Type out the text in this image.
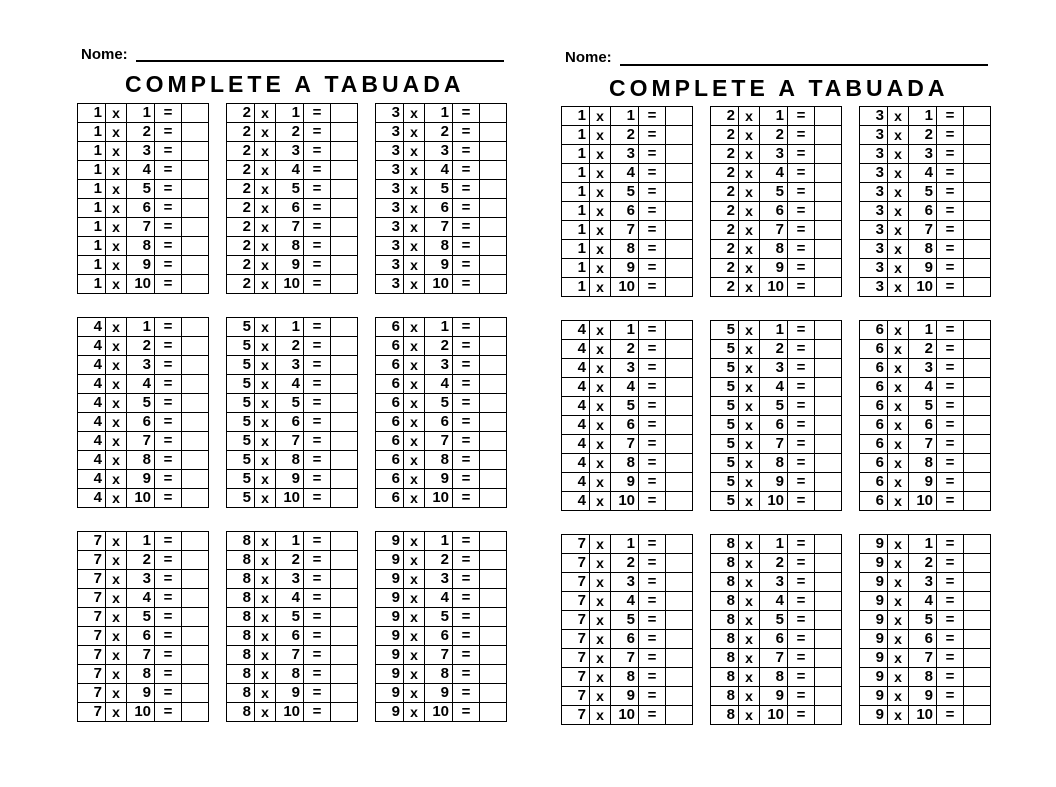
Nome:
COMPLETE A TABUADA
1	x	1	=	
1	x	2	=	
1	x	3	=	
1	x	4	=	
1	x	5	=	
1	x	6	=	
1	x	7	=	
1	x	8	=	
1	x	9	=	
1	x	10	=	
2	x	1	=	
2	x	2	=	
2	x	3	=	
2	x	4	=	
2	x	5	=	
2	x	6	=	
2	x	7	=	
2	x	8	=	
2	x	9	=	
2	x	10	=	
3	x	1	=	
3	x	2	=	
3	x	3	=	
3	x	4	=	
3	x	5	=	
3	x	6	=	
3	x	7	=	
3	x	8	=	
3	x	9	=	
3	x	10	=	
4	x	1	=	
4	x	2	=	
4	x	3	=	
4	x	4	=	
4	x	5	=	
4	x	6	=	
4	x	7	=	
4	x	8	=	
4	x	9	=	
4	x	10	=	
5	x	1	=	
5	x	2	=	
5	x	3	=	
5	x	4	=	
5	x	5	=	
5	x	6	=	
5	x	7	=	
5	x	8	=	
5	x	9	=	
5	x	10	=	
6	x	1	=	
6	x	2	=	
6	x	3	=	
6	x	4	=	
6	x	5	=	
6	x	6	=	
6	x	7	=	
6	x	8	=	
6	x	9	=	
6	x	10	=	
7	x	1	=	
7	x	2	=	
7	x	3	=	
7	x	4	=	
7	x	5	=	
7	x	6	=	
7	x	7	=	
7	x	8	=	
7	x	9	=	
7	x	10	=	
8	x	1	=	
8	x	2	=	
8	x	3	=	
8	x	4	=	
8	x	5	=	
8	x	6	=	
8	x	7	=	
8	x	8	=	
8	x	9	=	
8	x	10	=	
9	x	1	=	
9	x	2	=	
9	x	3	=	
9	x	4	=	
9	x	5	=	
9	x	6	=	
9	x	7	=	
9	x	8	=	
9	x	9	=	
9	x	10	=	
Nome:
COMPLETE A TABUADA
1	x	1	=	
1	x	2	=	
1	x	3	=	
1	x	4	=	
1	x	5	=	
1	x	6	=	
1	x	7	=	
1	x	8	=	
1	x	9	=	
1	x	10	=	
2	x	1	=	
2	x	2	=	
2	x	3	=	
2	x	4	=	
2	x	5	=	
2	x	6	=	
2	x	7	=	
2	x	8	=	
2	x	9	=	
2	x	10	=	
3	x	1	=	
3	x	2	=	
3	x	3	=	
3	x	4	=	
3	x	5	=	
3	x	6	=	
3	x	7	=	
3	x	8	=	
3	x	9	=	
3	x	10	=	
4	x	1	=	
4	x	2	=	
4	x	3	=	
4	x	4	=	
4	x	5	=	
4	x	6	=	
4	x	7	=	
4	x	8	=	
4	x	9	=	
4	x	10	=	
5	x	1	=	
5	x	2	=	
5	x	3	=	
5	x	4	=	
5	x	5	=	
5	x	6	=	
5	x	7	=	
5	x	8	=	
5	x	9	=	
5	x	10	=	
6	x	1	=	
6	x	2	=	
6	x	3	=	
6	x	4	=	
6	x	5	=	
6	x	6	=	
6	x	7	=	
6	x	8	=	
6	x	9	=	
6	x	10	=	
7	x	1	=	
7	x	2	=	
7	x	3	=	
7	x	4	=	
7	x	5	=	
7	x	6	=	
7	x	7	=	
7	x	8	=	
7	x	9	=	
7	x	10	=	
8	x	1	=	
8	x	2	=	
8	x	3	=	
8	x	4	=	
8	x	5	=	
8	x	6	=	
8	x	7	=	
8	x	8	=	
8	x	9	=	
8	x	10	=	
9	x	1	=	
9	x	2	=	
9	x	3	=	
9	x	4	=	
9	x	5	=	
9	x	6	=	
9	x	7	=	
9	x	8	=	
9	x	9	=	
9	x	10	=	
